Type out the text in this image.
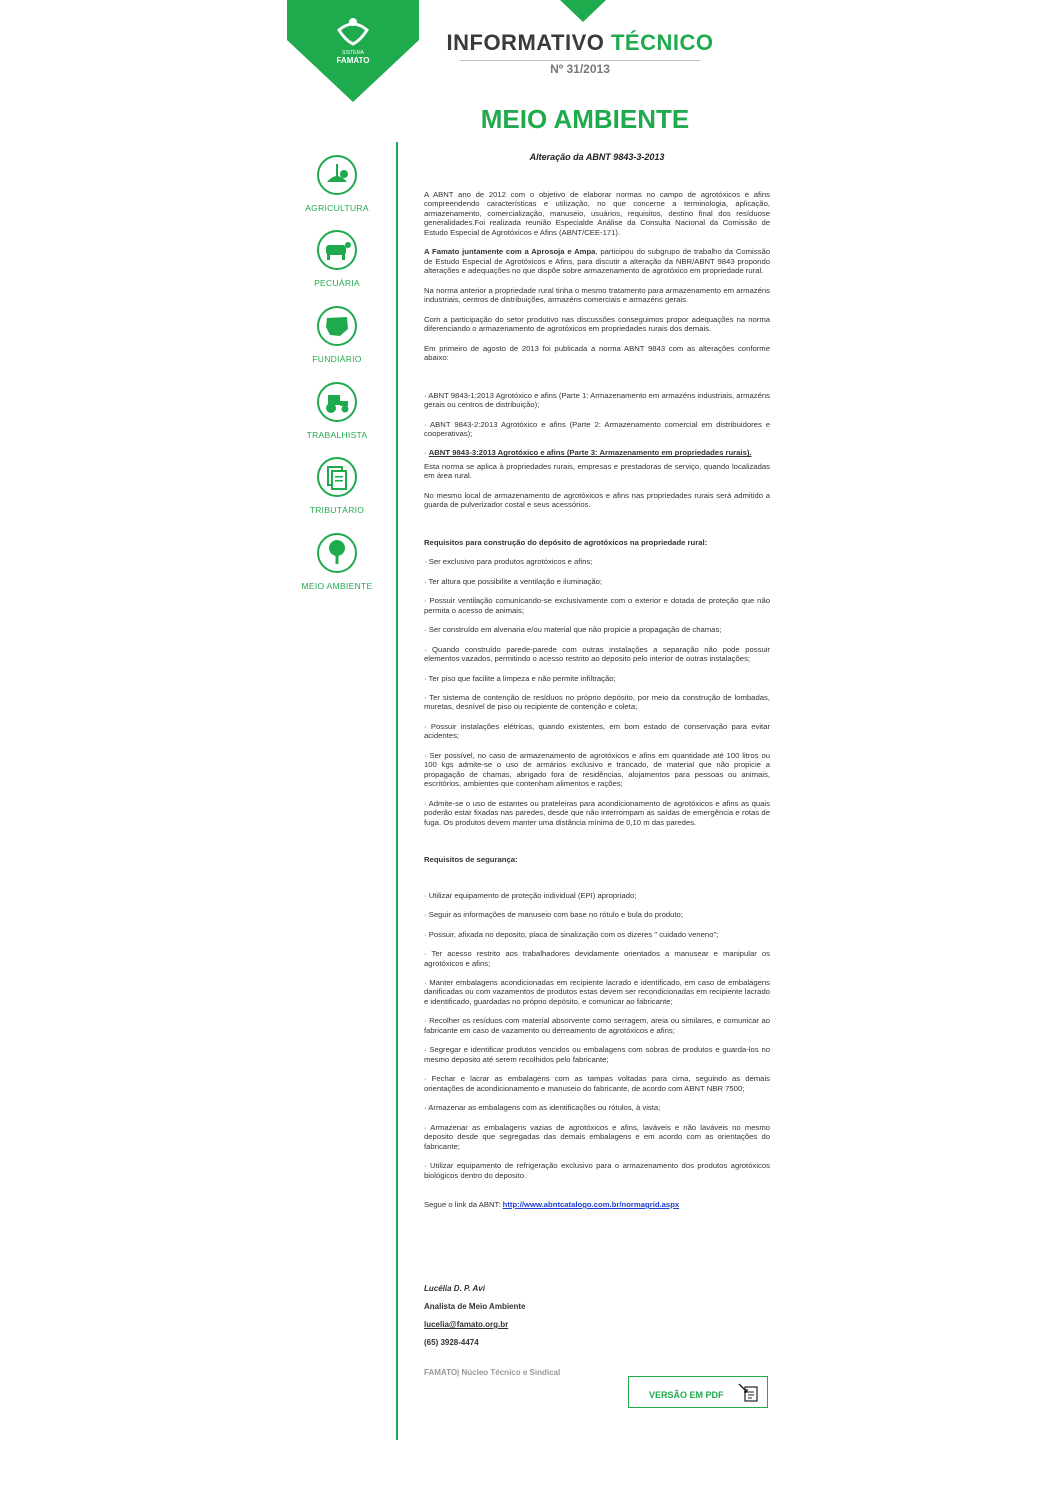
SISTEMA
FAMATO
INFORMATIVO TÉCNICO
Nº 31/2013
MEIO AMBIENTE
Alteração da ABNT 9843-3-2013
AGRICULTURA
PECUÁRIA
FUNDIÁRIO
TRABALHISTA
TRIBUTÁRIO
MEIO AMBIENTE

A ABNT ano de 2012 com o objetivo de elaborar normas no campo de agrotóxicos e afins compreendendo características e utilização, no que concerne a terminologia, aplicação, armazenamento, comercialização, manuseio, usuários, requisitos, destino final dos resíduose generalidades.Foi realizada reunião Especialde Análise da Consulta Nacional da Comissão de Estudo Especial de Agrotóxicos e Afins (ABNT/CEE-171).

A Famato juntamente com a Aprosoja e Ampa, participou do subgrupo de trabalho da Comissão de Estudo Especial de Agrotóxicos e Afins, para discutir a alteração da NBR/ABNT 9843 propondo alterações e adequações no que dispõe sobre armazenamento de agrotóxico em propriedade rural.

Na norma anterior a propriedade rural tinha o mesmo tratamento para armazenamento em armazéns industriais, centros de distribuições, armazéns comerciais e armazéns gerais.

Com a participação do setor produtivo nas discussões conseguimos propor adequações na norma diferenciando o armazenamento de agrotóxicos em propriedades rurais dos demais.

Em primeiro de agosto de 2013 foi publicada a norma ABNT 9843 com as alterações conforme abaixo:

· ABNT 9843-1:2013 Agrotóxico e afins (Parte 1: Armazenamento em armazéns industriais, armazéns gerais ou centros de distribuição);

· ABNT 9843-2:2013 Agrotóxico e afins (Parte 2: Armazenamento comercial em distribuidores e cooperativas);

· ABNT 9843-3:2013 Agrotóxico e afins (Parte 3: Armazenamento em propriedades rurais).

Esta norma se aplica à propriedades rurais, empresas e prestadoras de serviço, quando localizadas em área rural.

No mesmo local de armazenamento de agrotóxicos e afins nas propriedades rurais será admitido a guarda de pulverizador costal e seus acessórios.

Requisitos para construção do depósito de agrotóxicos na propriedade rural:

· Ser exclusivo para produtos agrotóxicos e afins;

· Ter altura que possibilite a ventilação e iluminação;

· Possuir ventilação comunicando-se exclusivamente com o exterior e dotada de proteção que não permita o acesso de animais;

· Ser construído em alvenaria e/ou material que não propicie a propagação de chamas;

· Quando construído parede-parede com outras instalações a separação não pode possuir elementos vazados, permitindo o acesso restrito ao deposito pelo interior de outras instalações;

· Ter piso que facilite a limpeza e não permite infiltração;

· Ter sistema de contenção de resíduos no próprio depósito, por meio da construção de lombadas, muretas, desnível de piso ou recipiente de contenção e coleta;

· Possuir instalações elétricas, quando existentes, em bom estado de conservação para evitar acidentes;

· Ser possível, no caso de armazenamento de agrotóxicos e afins em quantidade até 100 litros ou 100 kgs admite-se o uso de armários exclusivo e trancado, de material que não propicie a propagação de chamas, abrigado fora de residências, alojamentos para pessoas ou animais, escritórios, ambientes que contenham alimentos e rações;

· Admite-se o uso de estantes ou prateleiras para acondicionamento de agrotóxicos e afins as quais poderão estar fixadas nas paredes, desde que não interrompam as saídas de emergência e rotas de fuga. Os produtos devem manter uma distância mínima de 0,10 m das paredes.

Requisitos de segurança:

· Utilizar equipamento de proteção individual (EPI) apropriado;

· Seguir as informações de manuseio com base no rótulo e bula do produto;

· Possuir, afixada no deposito, placa de sinalização com os dizeres " cuidado veneno";

· Ter acesso restrito aos trabalhadores devidamente orientados a manusear e manipular os agrotóxicos e afins;

· Manter embalagens acondicionadas em recipiente lacrado e identificado, em caso de embalagens danificadas ou com vazamentos de produtos estas devem ser recondicionadas em recipiente lacrado e identificado, guardadas no próprio depósito, e comunicar ao fabricante;

· Recolher os resíduos com material absorvente como serragem, areia ou similares, e comunicar ao fabricante em caso de vazamento ou derreamento de agrotóxicos e afins;

· Segregar e identificar produtos vencidos ou embalagens com sobras de produtos e guarda-los no mesmo deposito até serem recolhidos pelo fabricante;

· Fechar e lacrar as embalagens com as tampas voltadas para cima, seguindo as demais orientações de acondicionamento e manuseio do fabricante, de acordo com ABNT NBR 7500;

· Armazenar as embalagens com as identificações ou rótulos, à vista;

· Armazenar as embalagens vazias de agrotóxicos e afins, laváveis e não laváveis no mesmo deposito desde que segregadas das demais embalagens e em acordo com as orientações do fabricante;

· Utilizar equipamento de refrigeração exclusivo para o armazenamento dos produtos agrotóxicos biológicos dentro do deposito.

Segue o link da ABNT: http://www.abntcatalogo.com.br/normagrid.aspx

Lucélia D. P. Avi
Analista de Meio Ambiente
lucelia@famato.org.br
(65) 3928-4474
FAMATO| Núcleo Técnico e Sindical
VERSÃO EM PDF
